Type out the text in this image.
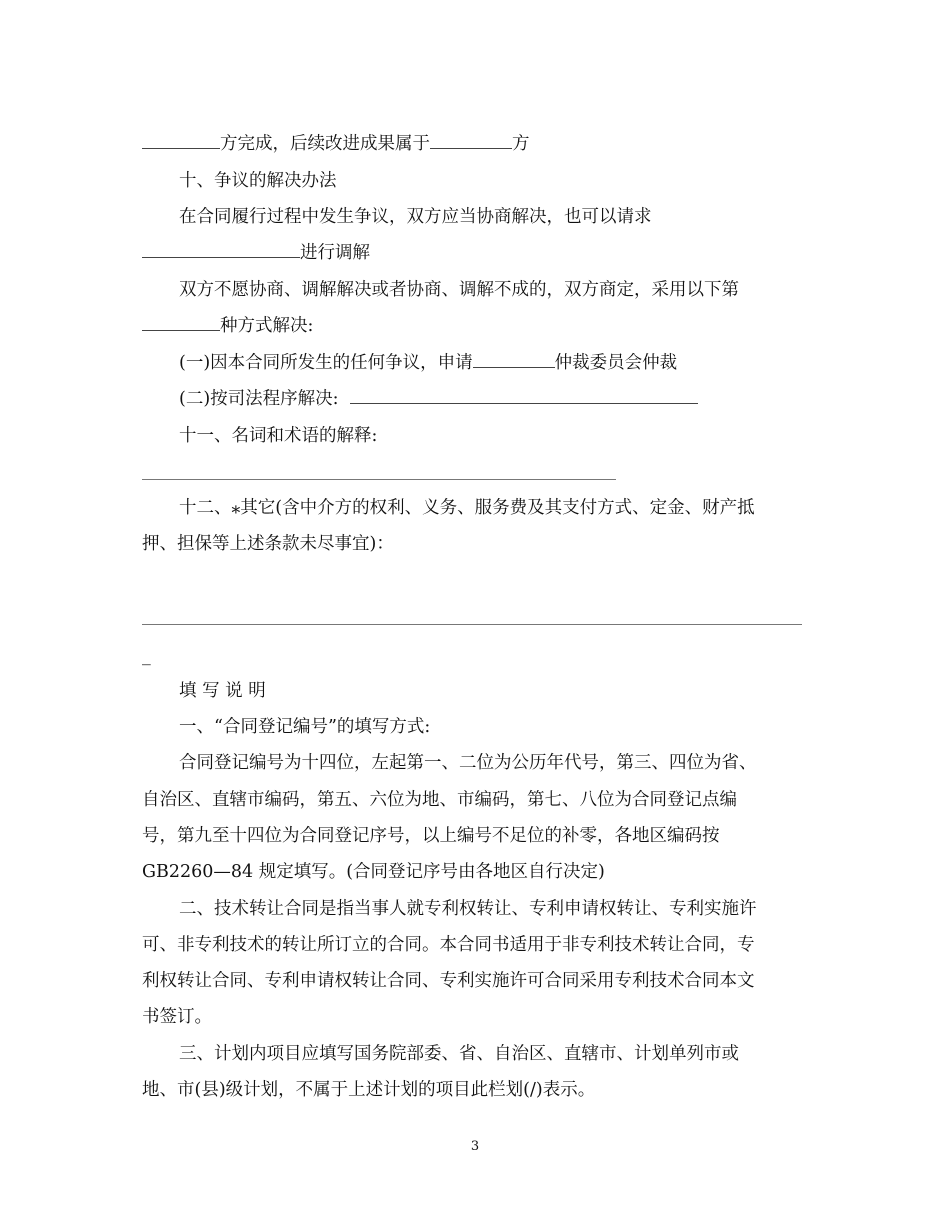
方完成，后续改进成果属于	方
十、争议的解决办法
在合同履行过程中发生争议，双方应当协商解决，也可以请求
进行调解
双方不愿协商、调解解决或者协商、调解不成的，双方商定，采用以下第
种方式解决:
(一)因本合同所发生的任何争议，申请	仲裁委员会仲裁
(二)按司法程序解决:
十一、名词和术语的解释:
十二、⁎其它(含中介方的权利、义务、服务费及其支付方式、定金、财产抵
押、担保等上述条款未尽事宜)：
_
填 写 说 明
一、“合同登记编号”的填写方式:
合同登记编号为十四位，左起第一、二位为公历年代号，第三、四位为省、
自治区、直辖市编码，第五、六位为地、市编码，第七、八位为合同登记点编
号，第九至十四位为合同登记序号，以上编号不足位的补零，各地区编码按
GB2260—84 规定填写。(合同登记序号由各地区自行决定)
二、技术转让合同是指当事人就专利权转让、专利申请权转让、专利实施许
可、非专利技术的转让所订立的合同。本合同书适用于非专利技术转让合同，专
利权转让合同、专利申请权转让合同、专利实施许可合同采用专利技术合同本文
书签订。
三、计划内项目应填写国务院部委、省、自治区、直辖市、计划单列市或
地、市(县)级计划，不属于上述计划的项目此栏划(/)表示。
3
